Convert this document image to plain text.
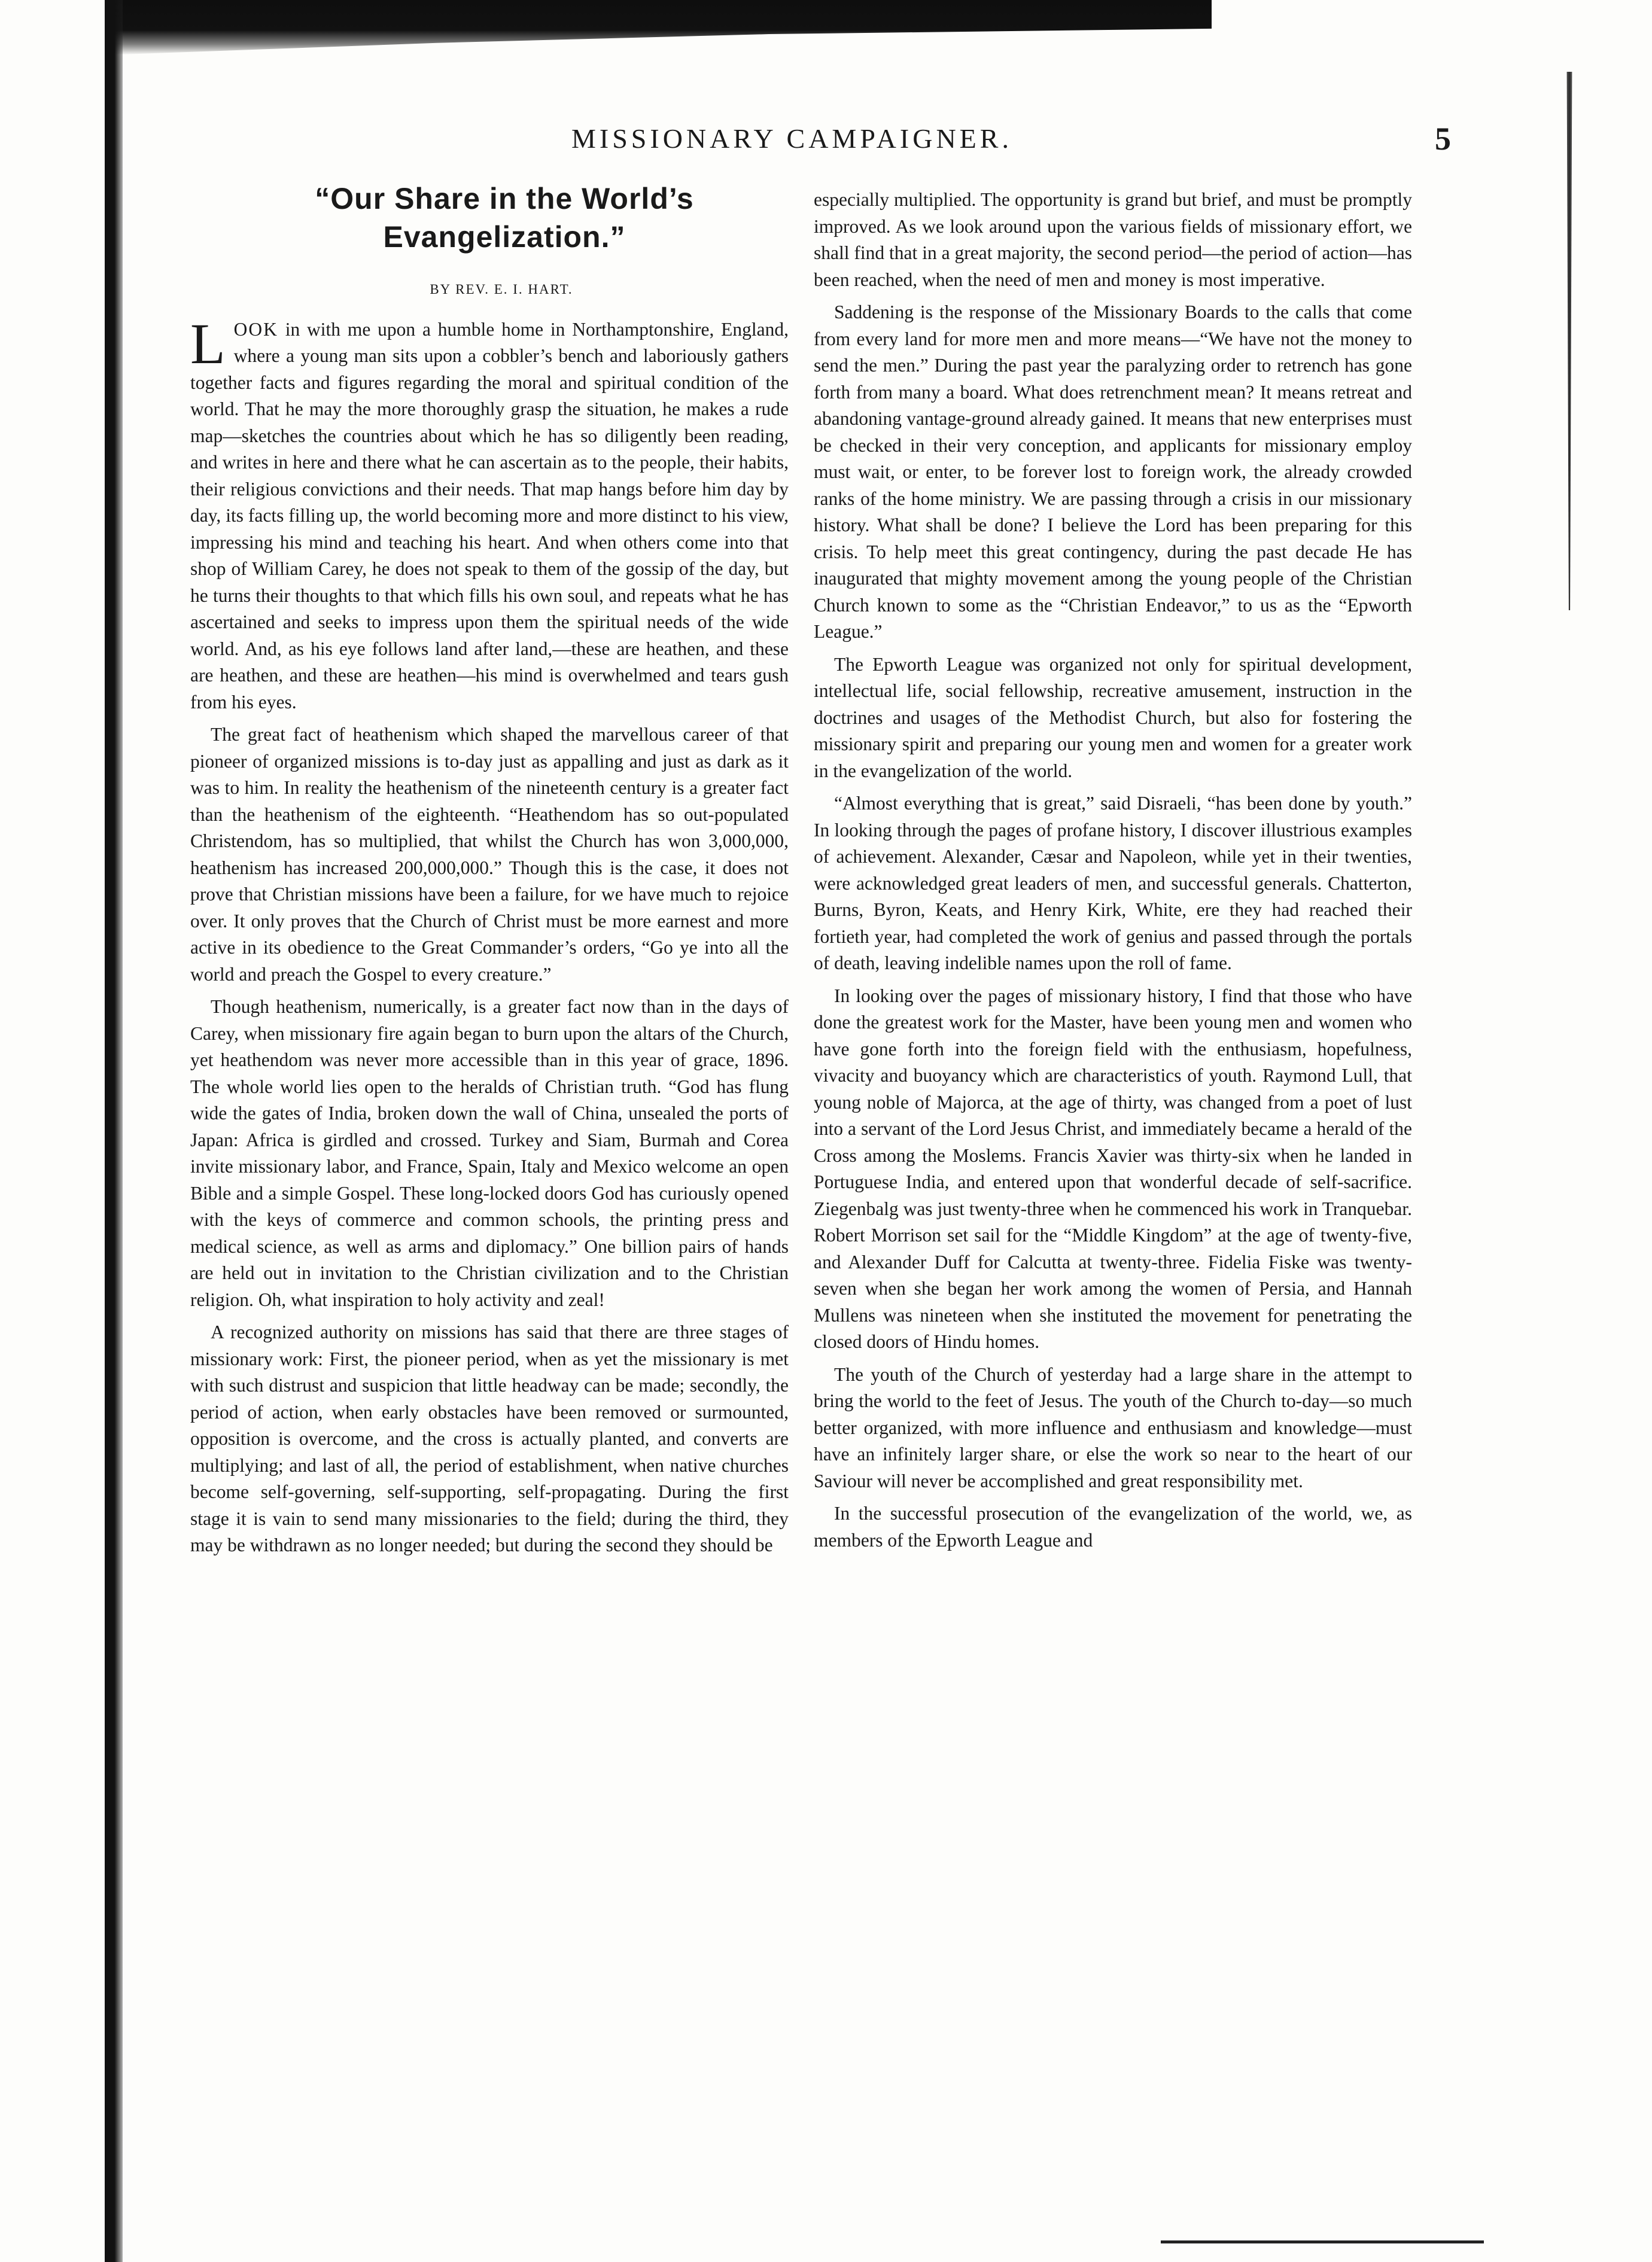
MISSIONARY CAMPAIGNER.	5
“Our Share in the World’s Evangelization.”
BY REV. E. I. HART.

LOOK in with me upon a humble home in Northamptonshire, England, where a young man sits upon a cobbler’s bench and laboriously gathers together facts and figures regarding the moral and spiritual condition of the world. That he may the more thoroughly grasp the situation, he makes a rude map—sketches the countries about which he has so diligently been reading, and writes in here and there what he can ascertain as to the people, their habits, their religious convictions and their needs. That map hangs before him day by day, its facts filling up, the world becoming more and more distinct to his view, impressing his mind and teaching his heart. And when others come into that shop of William Carey, he does not speak to them of the gossip of the day, but he turns their thoughts to that which fills his own soul, and repeats what he has ascertained and seeks to impress upon them the spiritual needs of the wide world. And, as his eye follows land after land,—these are heathen, and these are heathen, and these are heathen—his mind is overwhelmed and tears gush from his eyes.

The great fact of heathenism which shaped the marvellous career of that pioneer of organized missions is to-day just as appalling and just as dark as it was to him. In reality the heathenism of the nineteenth century is a greater fact than the heathenism of the eighteenth. “Heathendom has so out-populated Christendom, has so multiplied, that whilst the Church has won 3,000,000, heathenism has increased 200,000,000.” Though this is the case, it does not prove that Christian missions have been a failure, for we have much to rejoice over. It only proves that the Church of Christ must be more earnest and more active in its obedience to the Great Commander’s orders, “Go ye into all the world and preach the Gospel to every creature.”

Though heathenism, numerically, is a greater fact now than in the days of Carey, when missionary fire again began to burn upon the altars of the Church, yet heathendom was never more accessible than in this year of grace, 1896. The whole world lies open to the heralds of Christian truth. “God has flung wide the gates of India, broken down the wall of China, unsealed the ports of Japan: Africa is girdled and crossed. Turkey and Siam, Burmah and Corea invite missionary labor, and France, Spain, Italy and Mexico welcome an open Bible and a simple Gospel. These long-locked doors God has curiously opened with the keys of commerce and common schools, the printing press and medical science, as well as arms and diplomacy.” One billion pairs of hands are held out in invitation to the Christian civilization and to the Christian religion. Oh, what inspiration to holy activity and zeal!

A recognized authority on missions has said that there are three stages of missionary work: First, the pioneer period, when as yet the missionary is met with such distrust and suspicion that little headway can be made; secondly, the period of action, when early obstacles have been removed or surmounted, opposition is overcome, and the cross is actually planted, and converts are multiplying; and last of all, the period of establishment, when native churches become self-governing, self-supporting, self-propagating. During the first stage it is vain to send many missionaries to the field; during the third, they may be withdrawn as no longer needed; but during the second they should be

especially multiplied. The opportunity is grand but brief, and must be promptly improved. As we look around upon the various fields of missionary effort, we shall find that in a great majority, the second period—the period of action—has been reached, when the need of men and money is most imperative.

Saddening is the response of the Missionary Boards to the calls that come from every land for more men and more means—“We have not the money to send the men.” During the past year the paralyzing order to retrench has gone forth from many a board. What does retrenchment mean? It means retreat and abandoning vantage-ground already gained. It means that new enterprises must be checked in their very conception, and applicants for missionary employ must wait, or enter, to be forever lost to foreign work, the already crowded ranks of the home ministry. We are passing through a crisis in our missionary history. What shall be done? I believe the Lord has been preparing for this crisis. To help meet this great contingency, during the past decade He has inaugurated that mighty movement among the young people of the Christian Church known to some as the “Christian Endeavor,” to us as the “Epworth League.”

The Epworth League was organized not only for spiritual development, intellectual life, social fellowship, recreative amusement, instruction in the doctrines and usages of the Methodist Church, but also for fostering the missionary spirit and preparing our young men and women for a greater work in the evangelization of the world.

“Almost everything that is great,” said Disraeli, “has been done by youth.” In looking through the pages of profane history, I discover illustrious examples of achievement. Alexander, Cæsar and Napoleon, while yet in their twenties, were acknowledged great leaders of men, and successful generals. Chatterton, Burns, Byron, Keats, and Henry Kirk, White, ere they had reached their fortieth year, had completed the work of genius and passed through the portals of death, leaving indelible names upon the roll of fame.

In looking over the pages of missionary history, I find that those who have done the greatest work for the Master, have been young men and women who have gone forth into the foreign field with the enthusiasm, hopefulness, vivacity and buoyancy which are characteristics of youth. Raymond Lull, that young noble of Majorca, at the age of thirty, was changed from a poet of lust into a servant of the Lord Jesus Christ, and immediately became a herald of the Cross among the Moslems. Francis Xavier was thirty-six when he landed in Portuguese India, and entered upon that wonderful decade of self-sacrifice. Ziegenbalg was just twenty-three when he commenced his work in Tranquebar. Robert Morrison set sail for the “Middle Kingdom” at the age of twenty-five, and Alexander Duff for Calcutta at twenty-three. Fidelia Fiske was twenty-seven when she began her work among the women of Persia, and Hannah Mullens was nineteen when she instituted the movement for penetrating the closed doors of Hindu homes.

The youth of the Church of yesterday had a large share in the attempt to bring the world to the feet of Jesus. The youth of the Church to-day—so much better organized, with more influence and enthusiasm and knowledge—must have an infinitely larger share, or else the work so near to the heart of our Saviour will never be accomplished and great responsibility met.

In the successful prosecution of the evangelization of the world, we, as members of the Epworth League and
